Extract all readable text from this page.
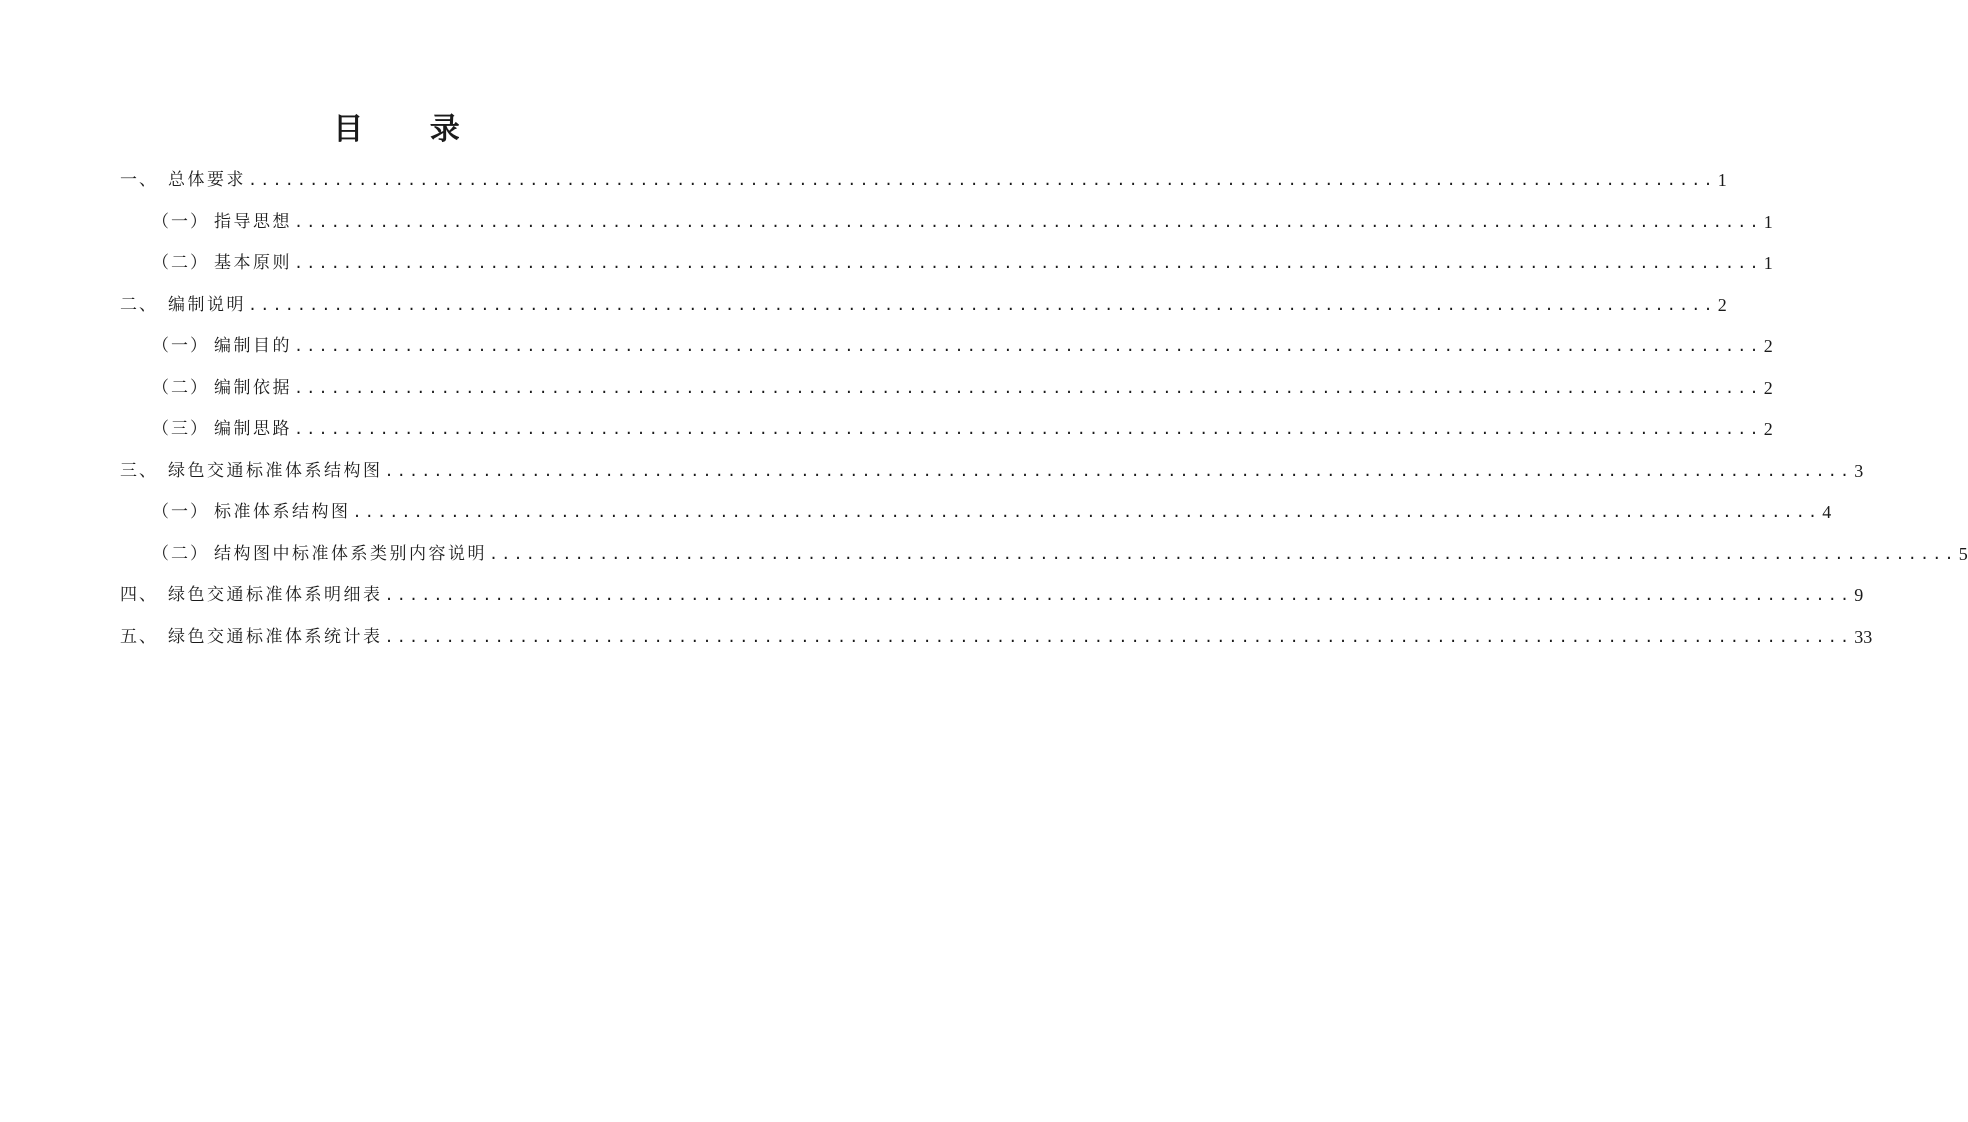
目 录
一、 总体要求 ........................................................................................................................ 1
（一） 指导思想 ........................................................................................................................ 1
（二） 基本原则 ........................................................................................................................ 1
二、 编制说明 ........................................................................................................................ 2
（一） 编制目的 ........................................................................................................................ 2
（二） 编制依据 ........................................................................................................................ 2
（三） 编制思路 ........................................................................................................................ 2
三、 绿色交通标准体系结构图 ........................................................................................................................ 3
（一） 标准体系结构图 ........................................................................................................................ 4
（二） 结构图中标准体系类别内容说明 ........................................................................................................................ 5
四、 绿色交通标准体系明细表 ........................................................................................................................ 9
五、 绿色交通标准体系统计表 ........................................................................................................................ 33
